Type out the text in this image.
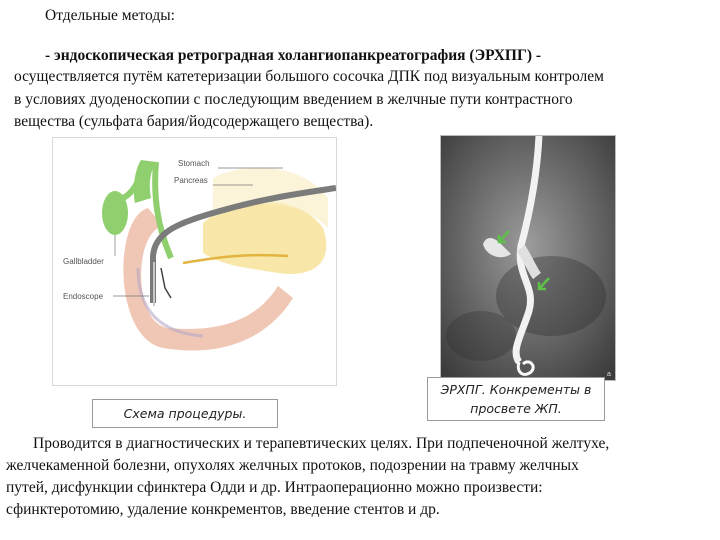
Отдельные методы:
- эндоскопическая ретроградная холангиопанкреатография (ЭРХПГ) -
осуществляется путём катетеризации большого сосочка ДПК под визуальным контролем
в условиях дуоденоскопии с последующим введением в желчные пути контрастного
вещества (сульфата бария/йодсодержащего вещества).
Stomach
Pancreas
Gallbladder
Endoscope
Схема процедуры.
a
ЭРХПГ. Конкременты в
просвете ЖП.
Проводится в диагностических и терапевтических целях. При подпеченочной желтухе,
желчекаменной болезни, опухолях желчных протоков, подозрении на травму желчных
путей, дисфункции сфинктера Одди и др. Интраоперационно можно произвести:
сфинктеротомию, удаление конкрементов, введение стентов и др.
